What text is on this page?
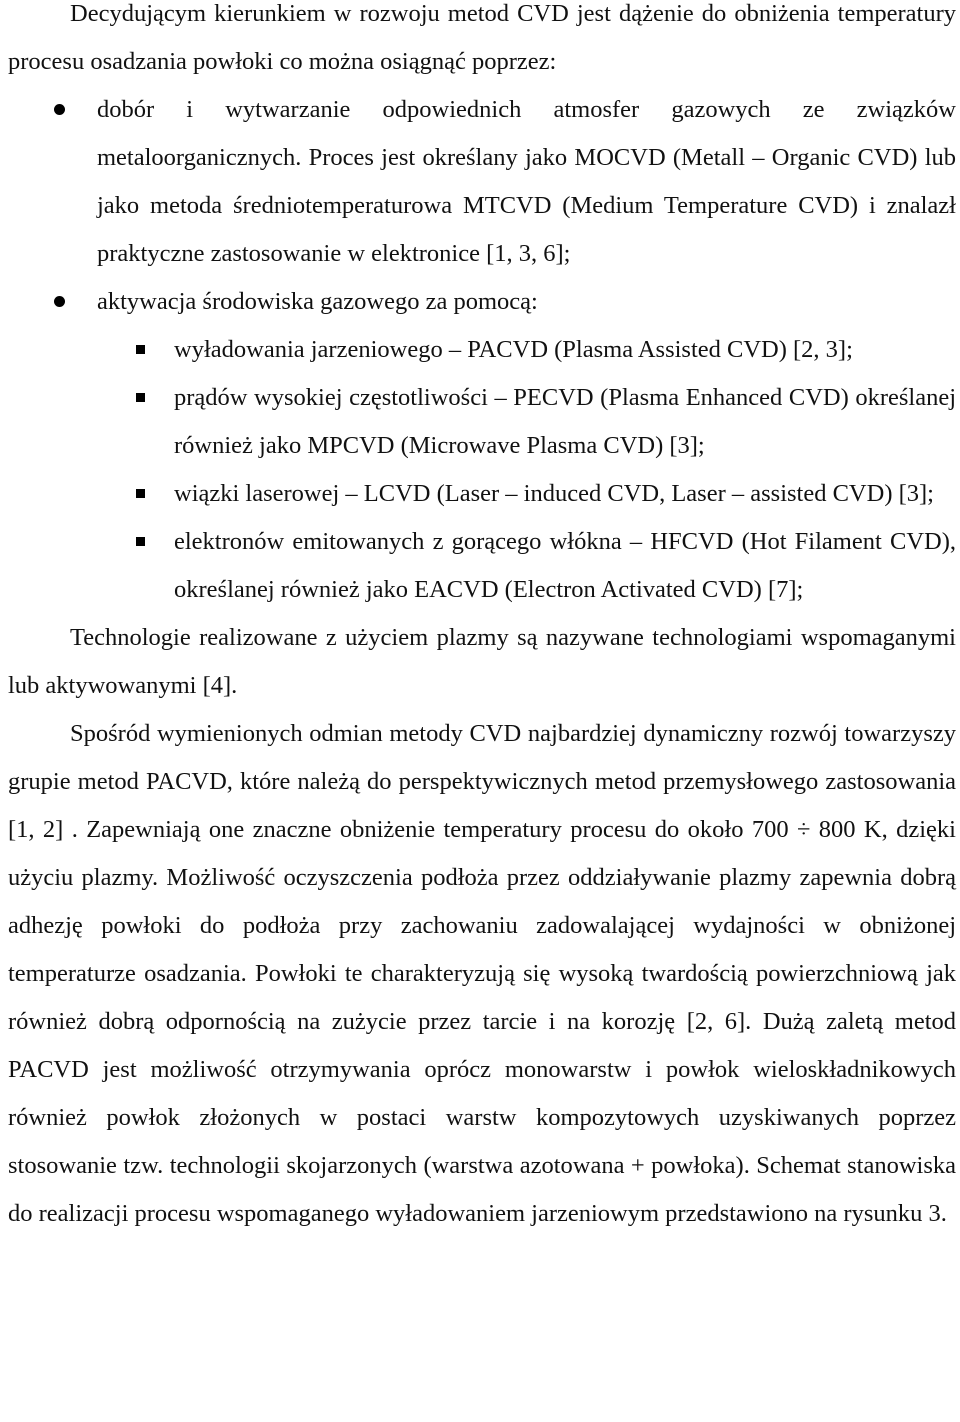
Decydującym kierunkiem w rozwoju metod CVD jest dążenie do obniżenia temperatury procesu osadzania powłoki co można osiągnąć poprzez:

dobór i wytwarzanie odpowiednich atmosfer gazowych ze związków metaloorganicznych. Proces jest określany jako MOCVD (Metall – Organic CVD) lub jako metoda średniotemperaturowa MTCVD (Medium Temperature CVD) i znalazł praktyczne zastosowanie w elektronice [1, 3, 6];
aktywacja środowiska gazowego za pomocą:
wyładowania jarzeniowego – PACVD (Plasma Assisted CVD) [2, 3];
prądów wysokiej częstotliwości – PECVD (Plasma Enhanced CVD) określanej również jako MPCVD (Microwave Plasma CVD) [3];
wiązki laserowej – LCVD (Laser – induced CVD, Laser – assisted CVD) [3];
elektronów emitowanych z gorącego włókna – HFCVD (Hot Filament CVD), określanej również jako EACVD (Electron Activated CVD) [7];

Technologie realizowane z użyciem plazmy są nazywane technologiami wspomaganymi lub aktywowanymi [4].

Spośród wymienionych odmian metody CVD najbardziej dynamiczny rozwój towarzyszy grupie metod PACVD, które należą do perspektywicznych metod przemysłowego zastosowania [1, 2] . Zapewniają one znaczne obniżenie temperatury procesu do około 700 ÷ 800 K, dzięki użyciu plazmy. Możliwość oczyszczenia podłoża przez oddziaływanie plazmy zapewnia dobrą adhezję powłoki do podłoża przy zachowaniu zadowalającej wydajności w obniżonej temperaturze osadzania. Powłoki te charakteryzują się wysoką twardością powierzchniową jak również dobrą odpornością na zużycie przez tarcie i na korozję [2, 6]. Dużą zaletą metod PACVD jest możliwość otrzymywania oprócz monowarstw i powłok wieloskładnikowych również powłok złożonych w postaci warstw kompozytowych uzyskiwanych poprzez stosowanie tzw. technologii skojarzonych (warstwa azotowana + powłoka). Schemat stanowiska do realizacji procesu wspomaganego wyładowaniem jarzeniowym przedstawiono na rysunku 3.
